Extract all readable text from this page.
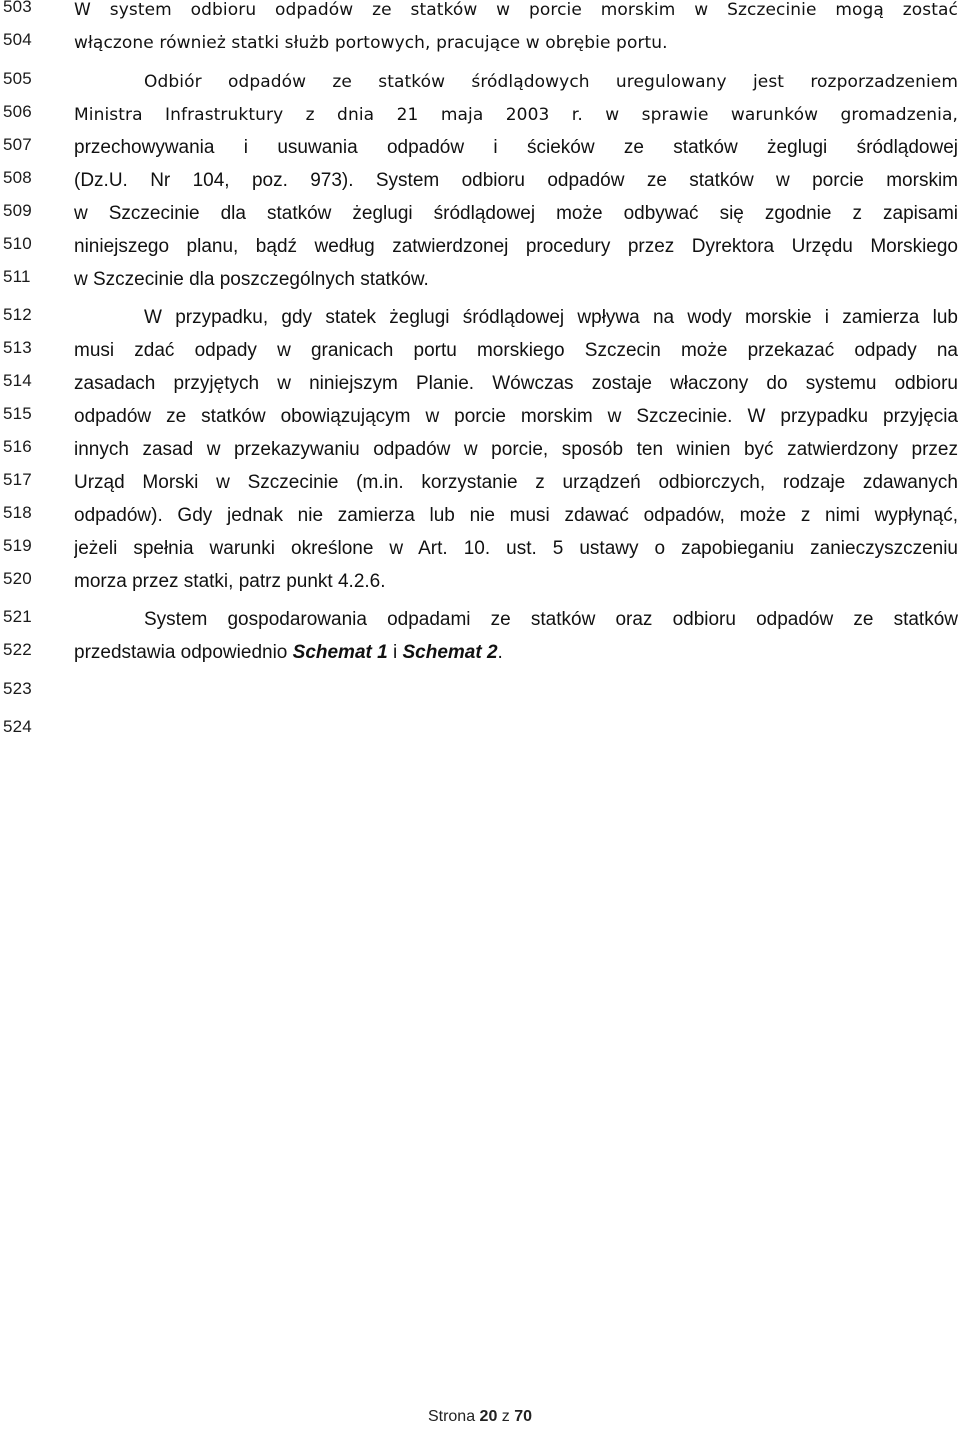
503
504
505
506
507
508
509
510
511
512
513
514
515
516
517
518
519
520
521
522
523
524
W system odbioru odpadów ze statków w porcie morskim w Szczecinie mogą zostać
włączone również statki służb portowych, pracujące w obrębie portu.
Odbiór odpadów ze statków śródlądowych uregulowany jest rozporzadzeniem
Ministra Infrastruktury z dnia 21 maja 2003 r. w sprawie warunków gromadzenia,
przechowywania i usuwania odpadów i ścieków ze statków żeglugi śródlądowej
(Dz.U. Nr 104, poz. 973). System odbioru odpadów ze statków w porcie morskim
w Szczecinie dla statków żeglugi śródlądowej może odbywać się zgodnie z zapisami
niniejszego planu, bądź według zatwierdzonej procedury przez Dyrektora Urzędu Morskiego
w Szczecinie dla poszczególnych statków.
W przypadku, gdy statek żeglugi śródlądowej wpływa na wody morskie i zamierza lub
musi zdać odpady w granicach portu morskiego Szczecin może przekazać odpady na
zasadach przyjętych w niniejszym Planie. Wówczas zostaje właczony do systemu odbioru
odpadów ze statków obowiązującym w porcie morskim w Szczecinie. W przypadku przyjęcia
innych zasad w przekazywaniu odpadów w porcie, sposób ten winien być zatwierdzony przez
Urząd Morski w Szczecinie (m.in. korzystanie z urządzeń odbiorczych, rodzaje zdawanych
odpadów). Gdy jednak nie zamierza lub nie musi zdawać odpadów, może z nimi wypłynąć,
jeżeli spełnia warunki określone w Art. 10. ust. 5 ustawy o zapobieganiu zanieczyszczeniu
morza przez statki, patrz punkt 4.2.6.
System gospodarowania odpadami ze statków oraz odbioru odpadów ze statków
przedstawia odpowiednio Schemat 1 i Schemat 2.
Strona 20 z 70
